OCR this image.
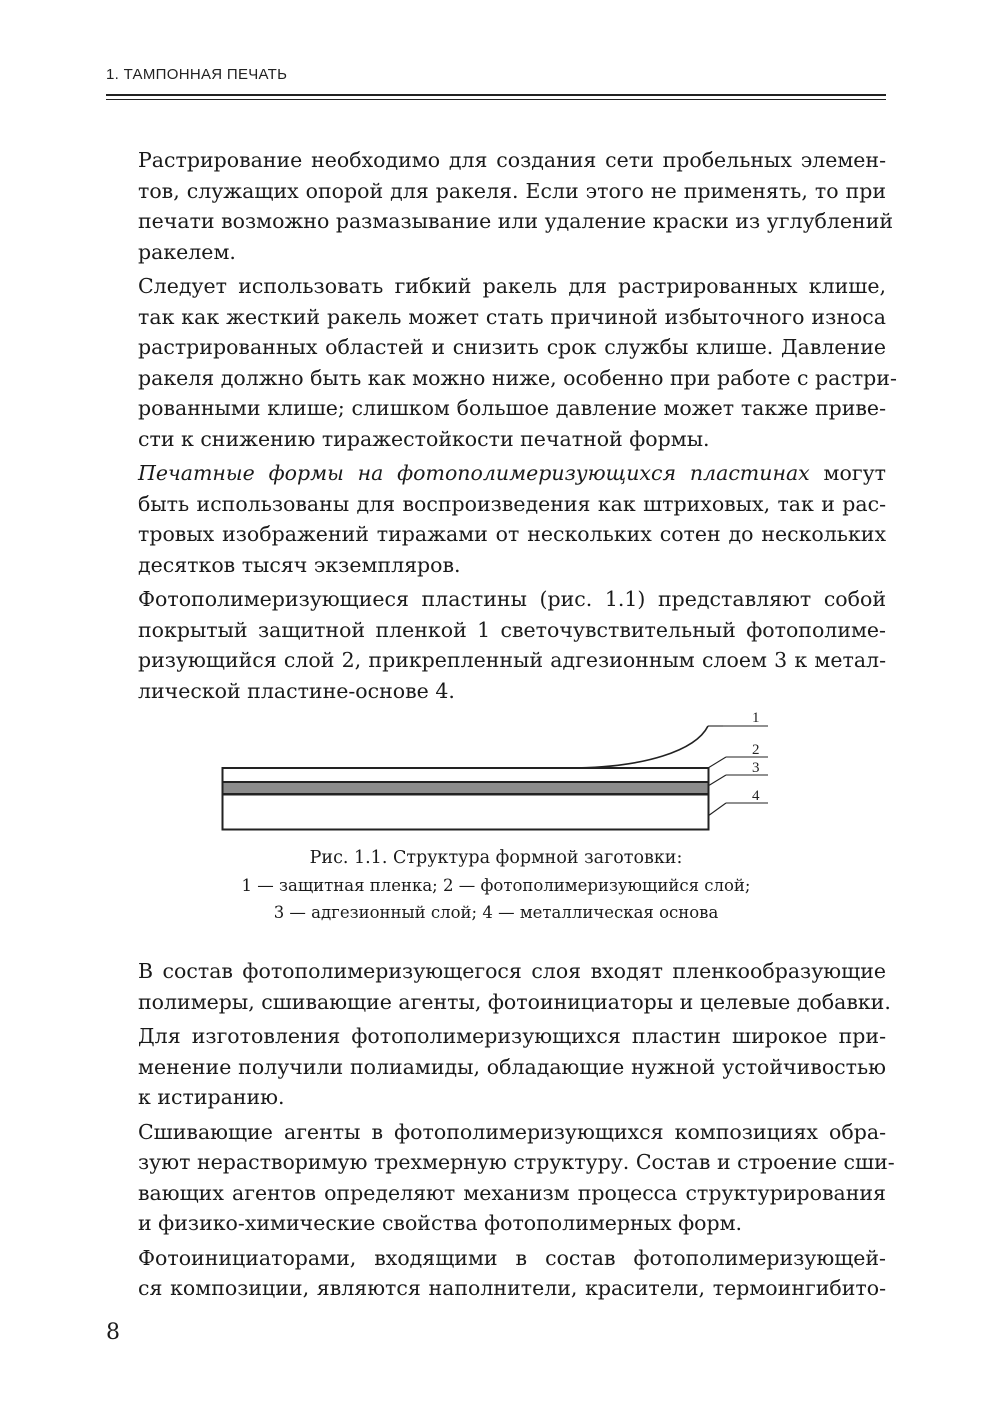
1. ТАМПОННАЯ ПЕЧАТЬ

Растрирование необходимо для создания сети пробельных элемен-
тов, служащих опорой для ракеля. Если этого не применять, то при
печати возможно размазывание или удаление краски из углублений
ракелем.

Следует использовать гибкий ракель для растрированных клише,
так как жесткий ракель может стать причиной избыточного износа
растрированных областей и снизить срок службы клише. Давление
ракеля должно быть как можно ниже, особенно при работе с растри-
рованными клише; слишком большое давление может также приве-
сти к снижению тиражестойкости печатной формы.

Печатные формы на фотополимеризующихся пластинах могут
быть использованы для воспроизведения как штриховых, так и рас-
тровых изображений тиражами от нескольких сотен до нескольких
десятков тысяч экземпляров.

Фотополимеризующиеся пластины (рис. 1.1) представляют собой
покрытый защитной пленкой 1 светочувствительный фотополиме-
ризующийся слой 2, прикрепленный адгезионным слоем 3 к метал-
лической пластине-основе 4.

1
2
3
4
Рис. 1.1. Структура формной заготовки:
1 — защитная пленка; 2 — фотополимеризующийся слой;
3 — адгезионный слой; 4 — металлическая основа

В состав фотополимеризующегося слоя входят пленкообразующие
полимеры, сшивающие агенты, фотоинициаторы и целевые добавки.

Для изготовления фотополимеризующихся пластин широкое при-
менение получили полиамиды, обладающие нужной устойчивостью
к истиранию.

Сшивающие агенты в фотополимеризующихся композициях обра-
зуют нерастворимую трехмерную структуру. Состав и строение сши-
вающих агентов определяют механизм процесса структурирования
и физико-химические свойства фотополимерных форм.

Фотоинициаторами, входящими в состав фотополимеризующей-
ся композиции, являются наполнители, красители, термоингибито-

8
